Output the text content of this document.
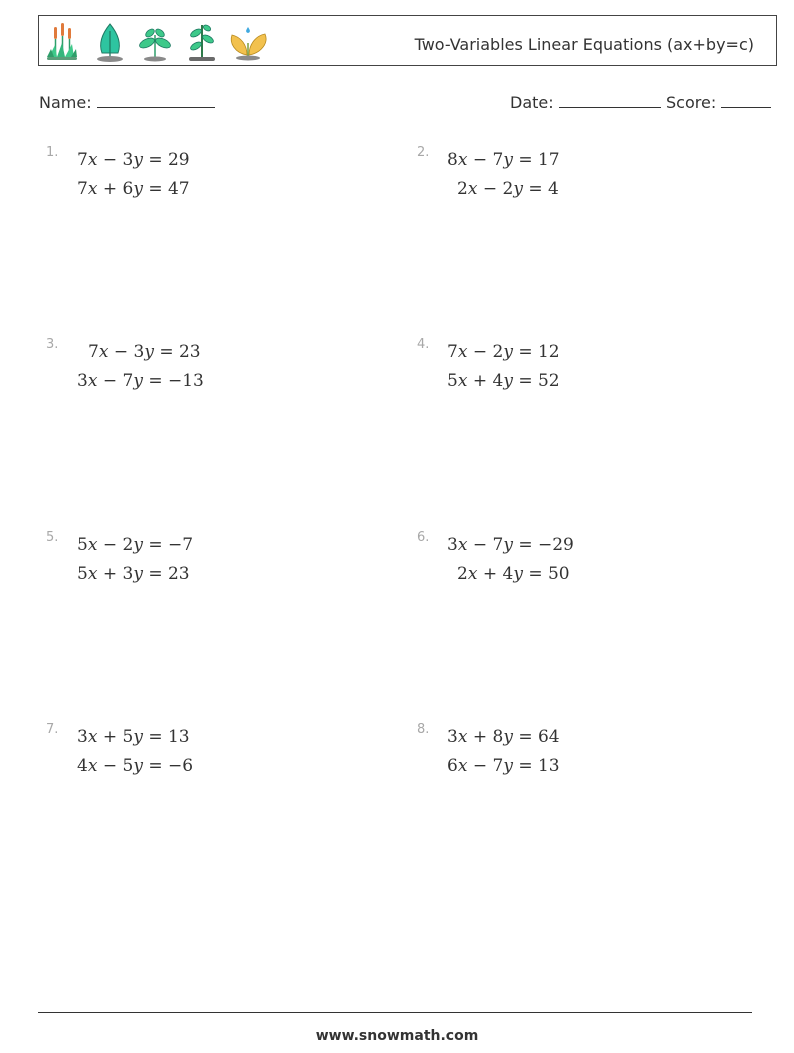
Two-Variables Linear Equations (ax+by=c)
Name:	Date:	Score:
1. 7x − 3y = 29
7x + 6y = 47
2. 8x − 7y = 17
2x − 2y = 4
3. 7x − 3y = 23
3x − 7y = −13
4. 7x − 2y = 12
5x + 4y = 52
5. 5x − 2y = −7
5x + 3y = 23
6. 3x − 7y = −29
2x + 4y = 50
7. 3x + 5y = 13
4x − 5y = −6
8. 3x + 8y = 64
6x − 7y = 13
www.snowmath.com
